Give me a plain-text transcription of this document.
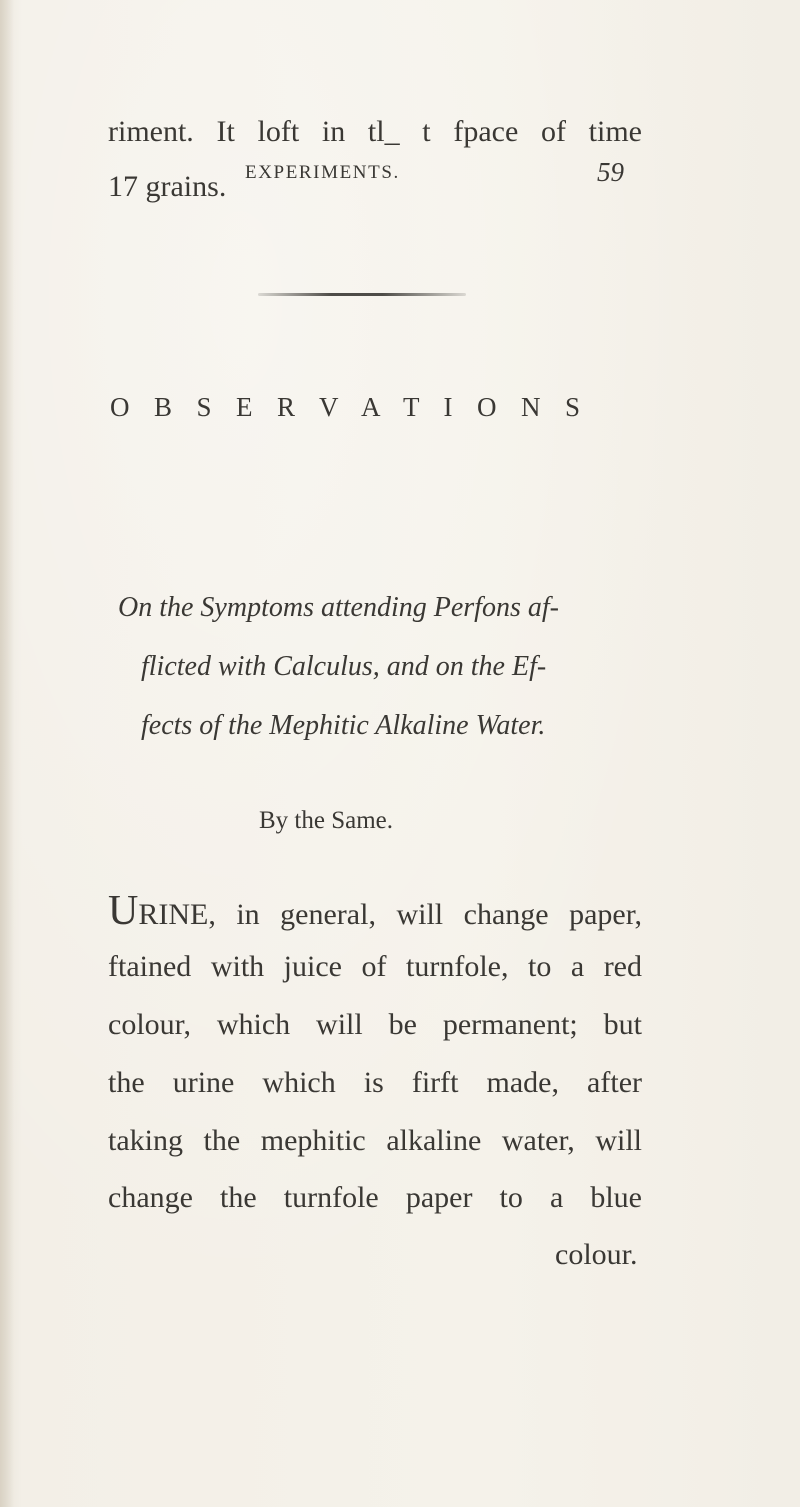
EXPERIMENTS.	59
riment. It loft in tl_ t fpace of time
17 grains.
O B S E R V A T I O N S
On the Symptoms attending Perfons af-
flicted with Calculus, and on the Ef-
fects of the Mephitic Alkaline Water.
By the Same.
URINE, in general, will change paper,
ftained with juice of turnfole, to a red
colour, which will be permanent; but
the urine which is firft made, after
taking the mephitic alkaline water, will
change the turnfole paper to a blue
colour.
